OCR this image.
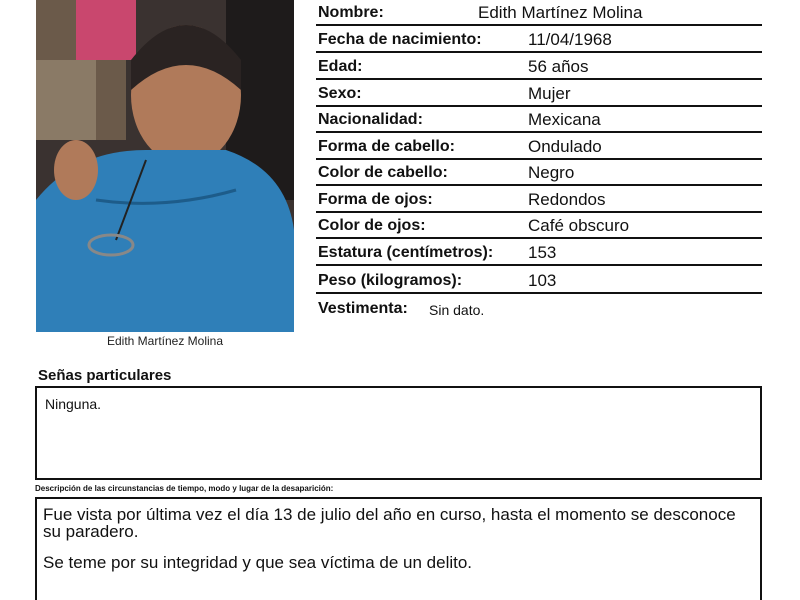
Edith Martínez Molina
Nombre:	Edith Martínez Molina
Fecha de nacimiento:	11/04/1968
Edad:	56 años
Sexo:	Mujer
Nacionalidad:	Mexicana
Forma de cabello:	Ondulado
Color de cabello:	Negro
Forma de ojos:	Redondos
Color de ojos:	Café obscuro
Estatura (centímetros): 153
Peso (kilogramos):	103
Vestimenta: Sin dato.
Señas particulares
Ninguna.
Descripción de las circunstancias de tiempo, modo y lugar de la desaparición:

Fue vista por última vez el día 13 de julio del año en curso, hasta el momento se desconoce su paradero.

Se teme por su integridad y que sea víctima de un delito.
